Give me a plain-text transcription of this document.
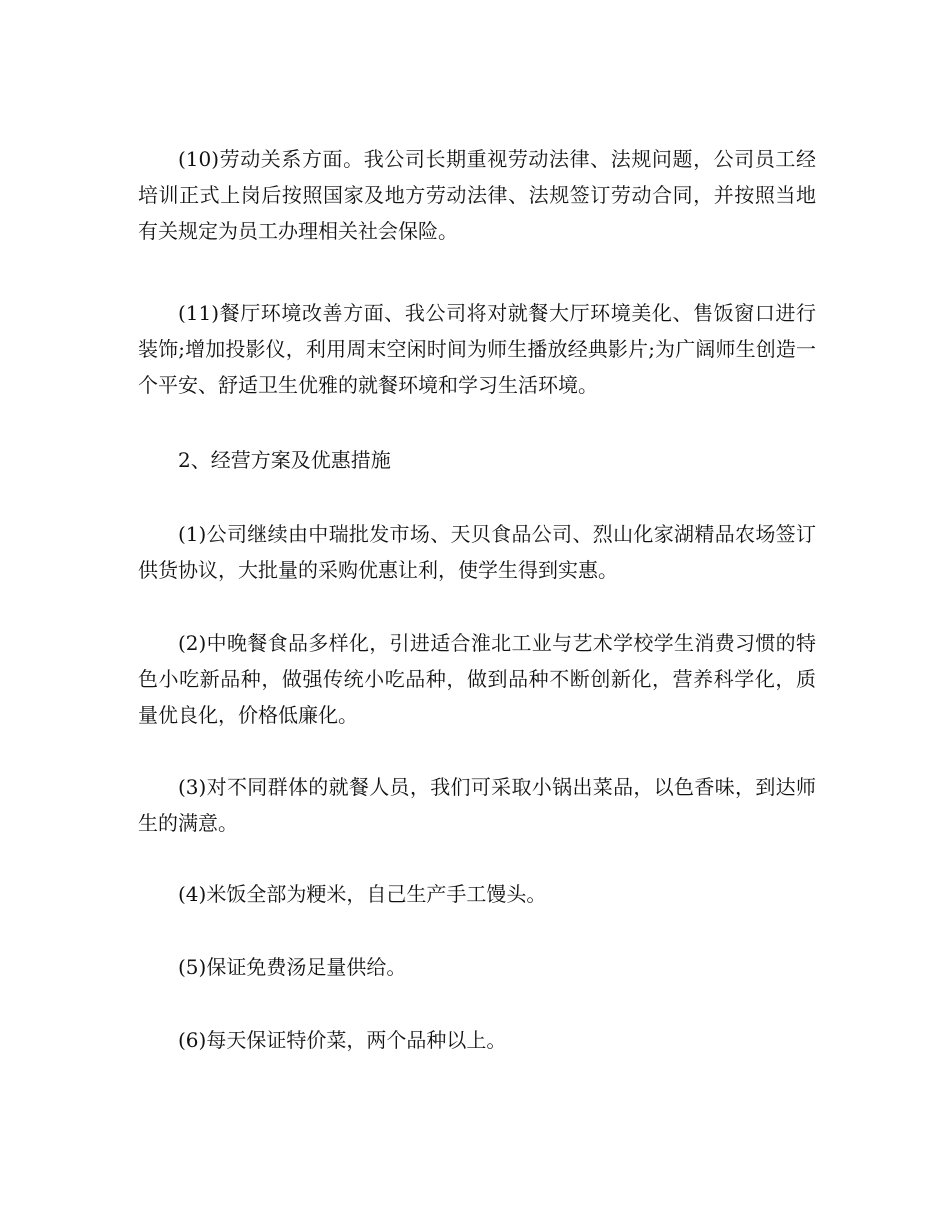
(10)劳动关系方面。我公司长期重视劳动法律、法规问题，公司员工经培训正式上岗后按照国家及地方劳动法律、法规签订劳动合同，并按照当地有关规定为员工办理相关社会保险。

(11)餐厅环境改善方面、我公司将对就餐大厅环境美化、售饭窗口进行装饰;增加投影仪，利用周末空闲时间为师生播放经典影片;为广阔师生创造一个平安、舒适卫生优雅的就餐环境和学习生活环境。

2、经营方案及优惠措施

(1)公司继续由中瑞批发市场、天贝食品公司、烈山化家湖精品农场签订供货协议，大批量的采购优惠让利，使学生得到实惠。

(2)中晚餐食品多样化，引进适合淮北工业与艺术学校学生消费习惯的特色小吃新品种，做强传统小吃品种，做到品种不断创新化，营养科学化，质量优良化，价格低廉化。

(3)对不同群体的就餐人员，我们可采取小锅出菜品，以色香味，到达师生的满意。

(4)米饭全部为粳米，自己生产手工馒头。

(5)保证免费汤足量供给。

(6)每天保证特价菜，两个品种以上。
